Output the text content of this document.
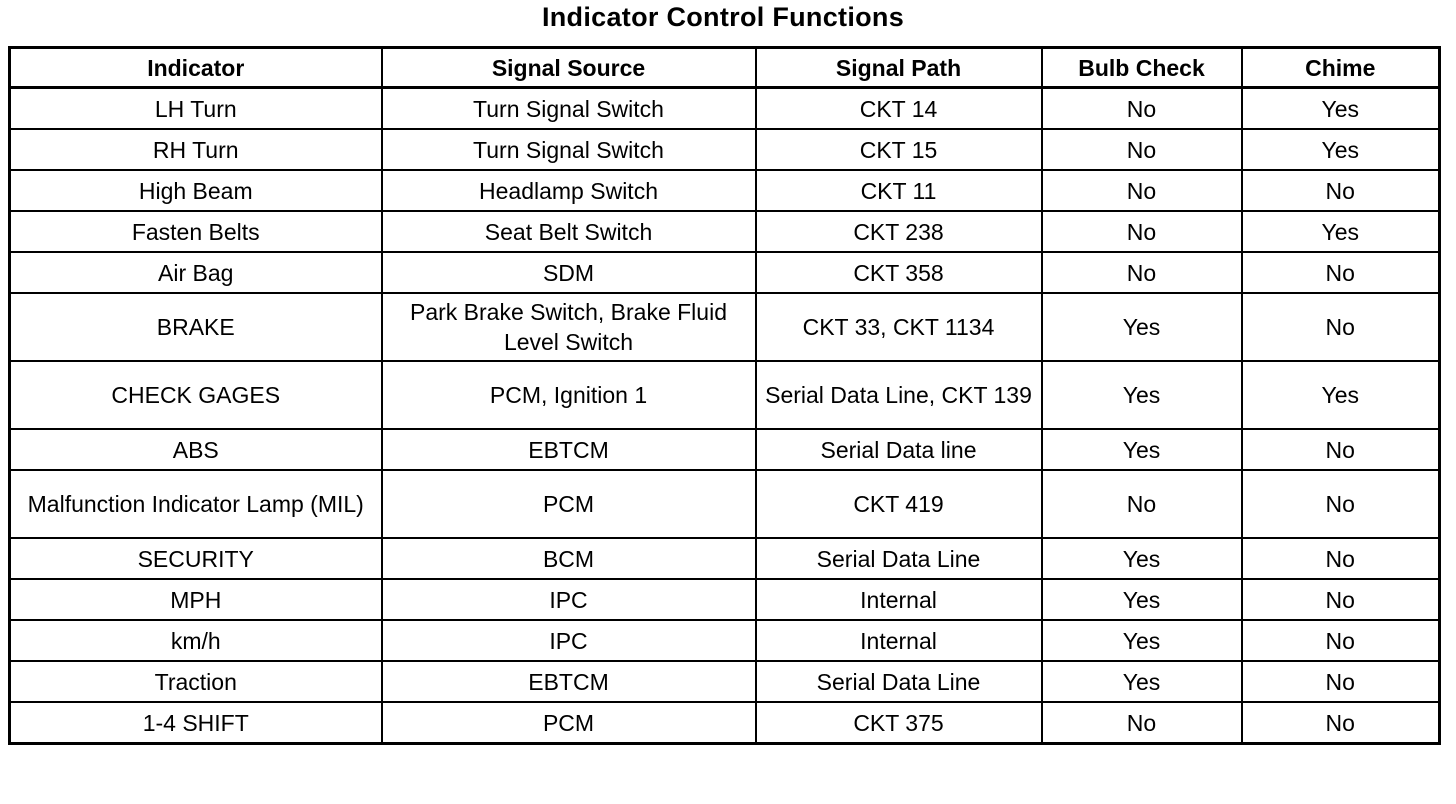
Indicator Control Functions
Indicator	Signal Source	Signal Path	Bulb Check	Chime
LH Turn	Turn Signal Switch	CKT 14	No	Yes
RH Turn	Turn Signal Switch	CKT 15	No	Yes
High Beam	Headlamp Switch	CKT 11	No	No
Fasten Belts	Seat Belt Switch	CKT 238	No	Yes
Air Bag	SDM	CKT 358	No	No
BRAKE	Park Brake Switch, Brake Fluid Level Switch	CKT 33, CKT 1134	Yes	No
CHECK GAGES	PCM, Ignition 1	Serial Data Line, CKT 139	Yes	Yes
ABS	EBTCM	Serial Data line	Yes	No
Malfunction Indicator Lamp (MIL)	PCM	CKT 419	No	No
SECURITY	BCM	Serial Data Line	Yes	No
MPH	IPC	Internal	Yes	No
km/h	IPC	Internal	Yes	No
Traction	EBTCM	Serial Data Line	Yes	No
1-4 SHIFT	PCM	CKT 375	No	No
